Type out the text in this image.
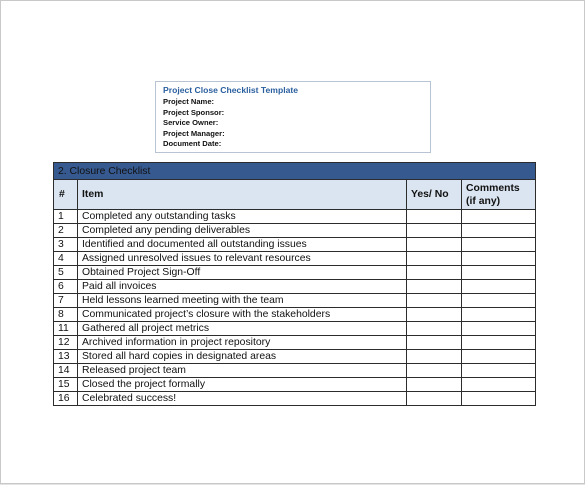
Project Close Checklist Template
Project Name:
Project Sponsor:
Service Owner:
Project Manager:
Document Date:
2. Closure Checklist			
#	Item	Yes/ No	Comments
(if any)
1	Completed any outstanding tasks		
2	Completed any pending deliverables		
3	Identified and documented all outstanding issues		
4	Assigned unresolved issues to relevant resources		
5	Obtained Project Sign-Off		
6	Paid all invoices		
7	Held lessons learned meeting with the team		
8	Communicated project’s closure with the stakeholders		
11	Gathered all project metrics		
12	Archived information in project repository		
13	Stored all hard copies in designated areas		
14	Released project team		
15	Closed the project formally		
16	Celebrated success!		
